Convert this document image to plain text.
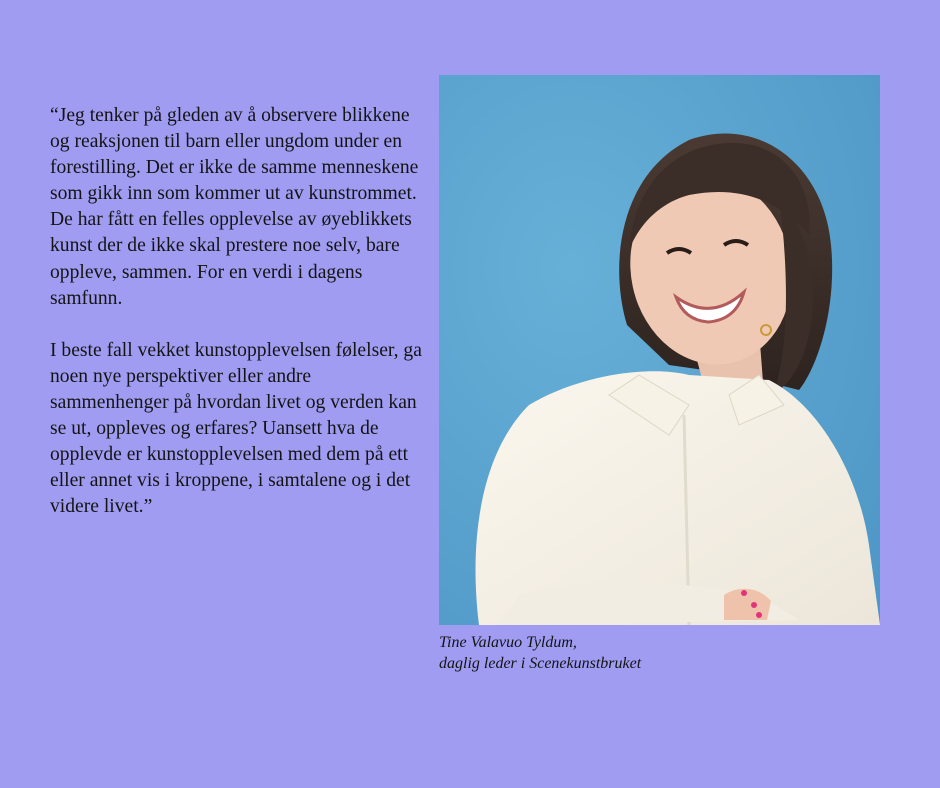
“Jeg tenker på gleden av å observere blikkene og reaksjonen til barn eller ungdom under en forestilling. Det er ikke de samme menneskene som gikk inn som kommer ut av kunstrommet. De har fått en felles opplevelse av øyeblikkets kunst der de ikke skal prestere noe selv, bare oppleve, sammen. For en verdi i dagens samfunn.

I beste fall vekket kunstopplevelsen følelser, ga noen nye perspektiver eller andre sammenhenger på hvordan livet og verden kan se ut, oppleves og erfares? Uansett hva de opplevde er kunstopplevelsen med dem på ett eller annet vis i kroppene, i samtalene og i det videre livet.”

Tine Valavuo Tyldum,
daglig leder i Scenekunstbruket
